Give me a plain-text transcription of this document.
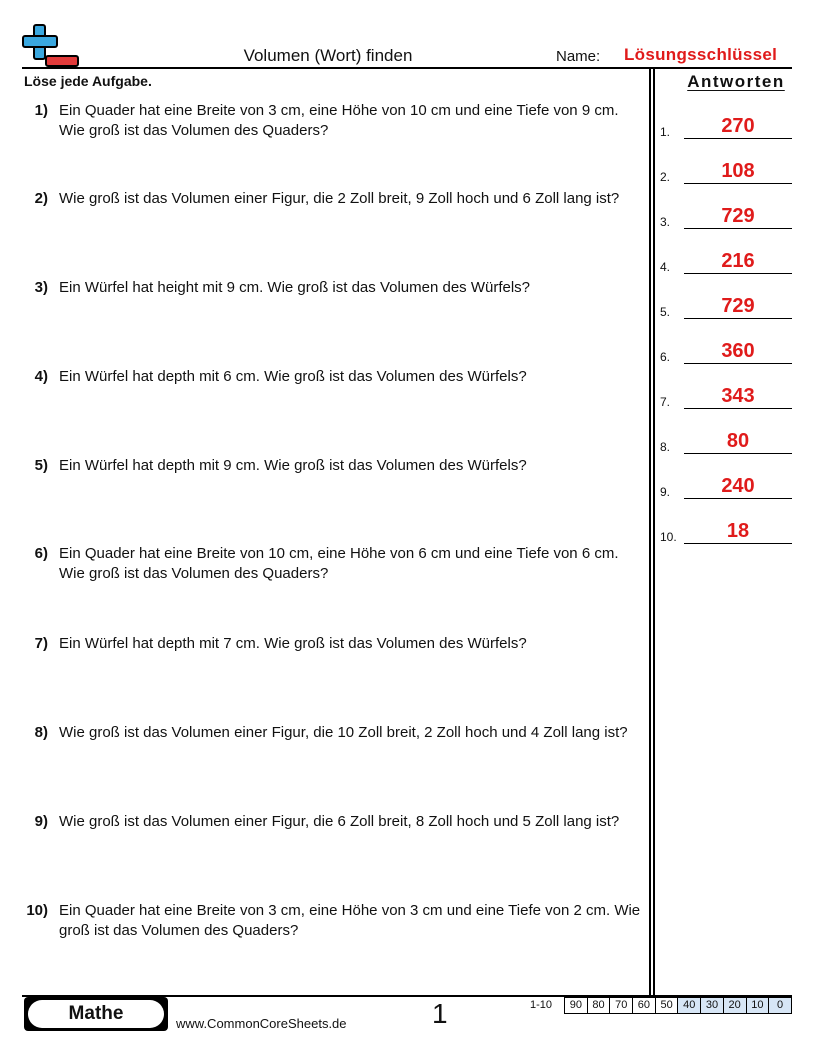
Volumen (Wort) finden	Name: Lösungsschlüssel
Löse jede Aufgabe.	Antworten
1) Ein Quader hat eine Breite von 3 cm, eine Höhe von 10 cm und eine Tiefe von 9 cm. Wie groß ist das Volumen des Quaders?
2) Wie groß ist das Volumen einer Figur, die 2 Zoll breit, 9 Zoll hoch und 6 Zoll lang ist?
3) Ein Würfel hat height mit 9 cm. Wie groß ist das Volumen des Würfels?
4) Ein Würfel hat depth mit 6 cm. Wie groß ist das Volumen des Würfels?
5) Ein Würfel hat depth mit 9 cm. Wie groß ist das Volumen des Würfels?
6) Ein Quader hat eine Breite von 10 cm, eine Höhe von 6 cm und eine Tiefe von 6 cm. Wie groß ist das Volumen des Quaders?
7) Ein Würfel hat depth mit 7 cm. Wie groß ist das Volumen des Würfels?
8) Wie groß ist das Volumen einer Figur, die 10 Zoll breit, 2 Zoll hoch und 4 Zoll lang ist?
9) Wie groß ist das Volumen einer Figur, die 6 Zoll breit, 8 Zoll hoch und 5 Zoll lang ist?
10) Ein Quader hat eine Breite von 3 cm, eine Höhe von 3 cm und eine Tiefe von 2 cm. Wie groß ist das Volumen des Quaders?
1.	270
2.	108
3.	729
4.	216
5.	729
6.	360
7.	343
8.	80
9.	240
10.	18
Mathe	www.CommonCoreSheets.de	1	1-10	90 80 70 60 50 40 30 20 10	0
